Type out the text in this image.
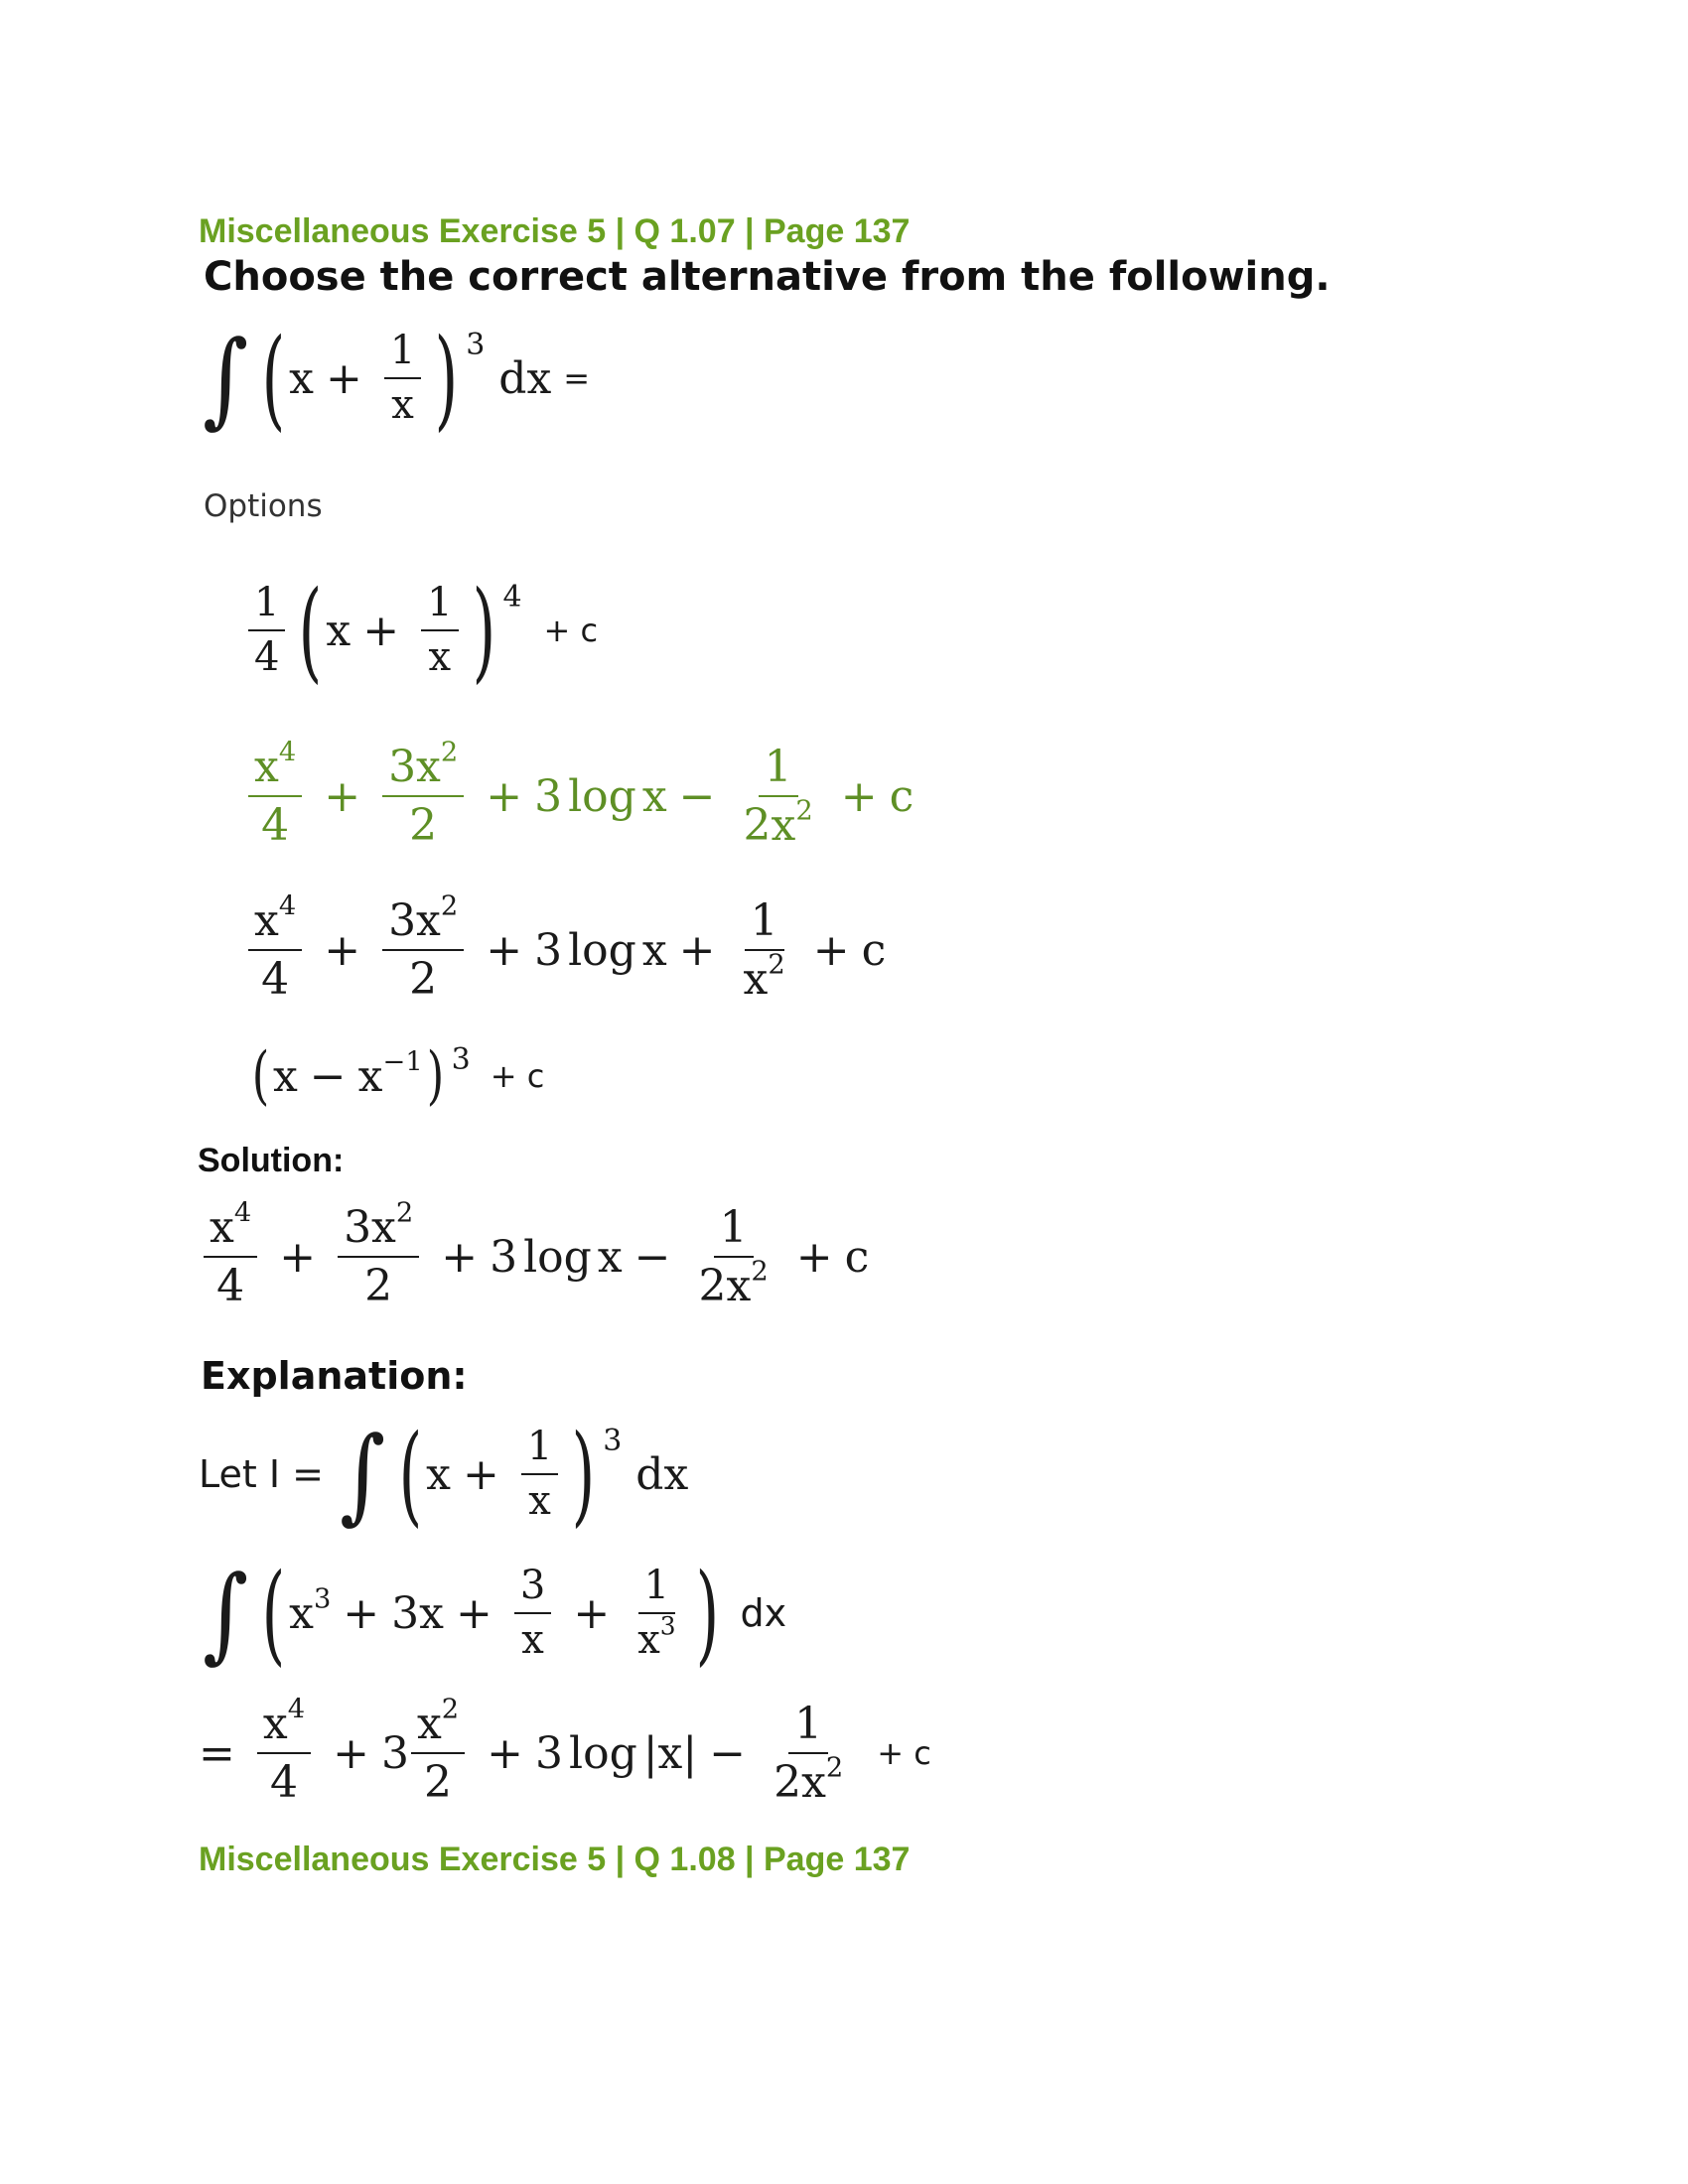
Miscellaneous Exercise 5 | Q 1.07 | Page 137
Choose the correct alternative from the following.
∫ ( $x + \frac{1}{x}$ ) 3
dx =
Options
$\frac{1}{4}$ ( $x + \frac{1}{x}$ ) 4
+ c
$\frac{x^4}{4} + \frac{3x^2}{2} + 3$ $\log x - \frac{1}{2x^2} + c$
$\frac{x^4}{4} + \frac{3x^2}{2} + 3$ $\log x + \frac{1}{x^2} + c$
( $x - x^{-1}$ ) 3 + c
Solution:
$\frac{x^4}{4} + \frac{3x^2}{2} + 3$ $\log x - \frac{1}{2x^2} + c$
Explanation:
Let I = ∫ ( $x + \frac{1}{x}$ ) 3
dx
∫ ( $x^3 + 3x + \frac{3}{x} + \frac{1}{x^3}$ ) dx
= $\frac{x^4}{4} + 3 \frac{x^2}{2} + 3$ $\log |x| - \frac{1}{2x^2} + c$
Miscellaneous Exercise 5 | Q 1.08 | Page 137
